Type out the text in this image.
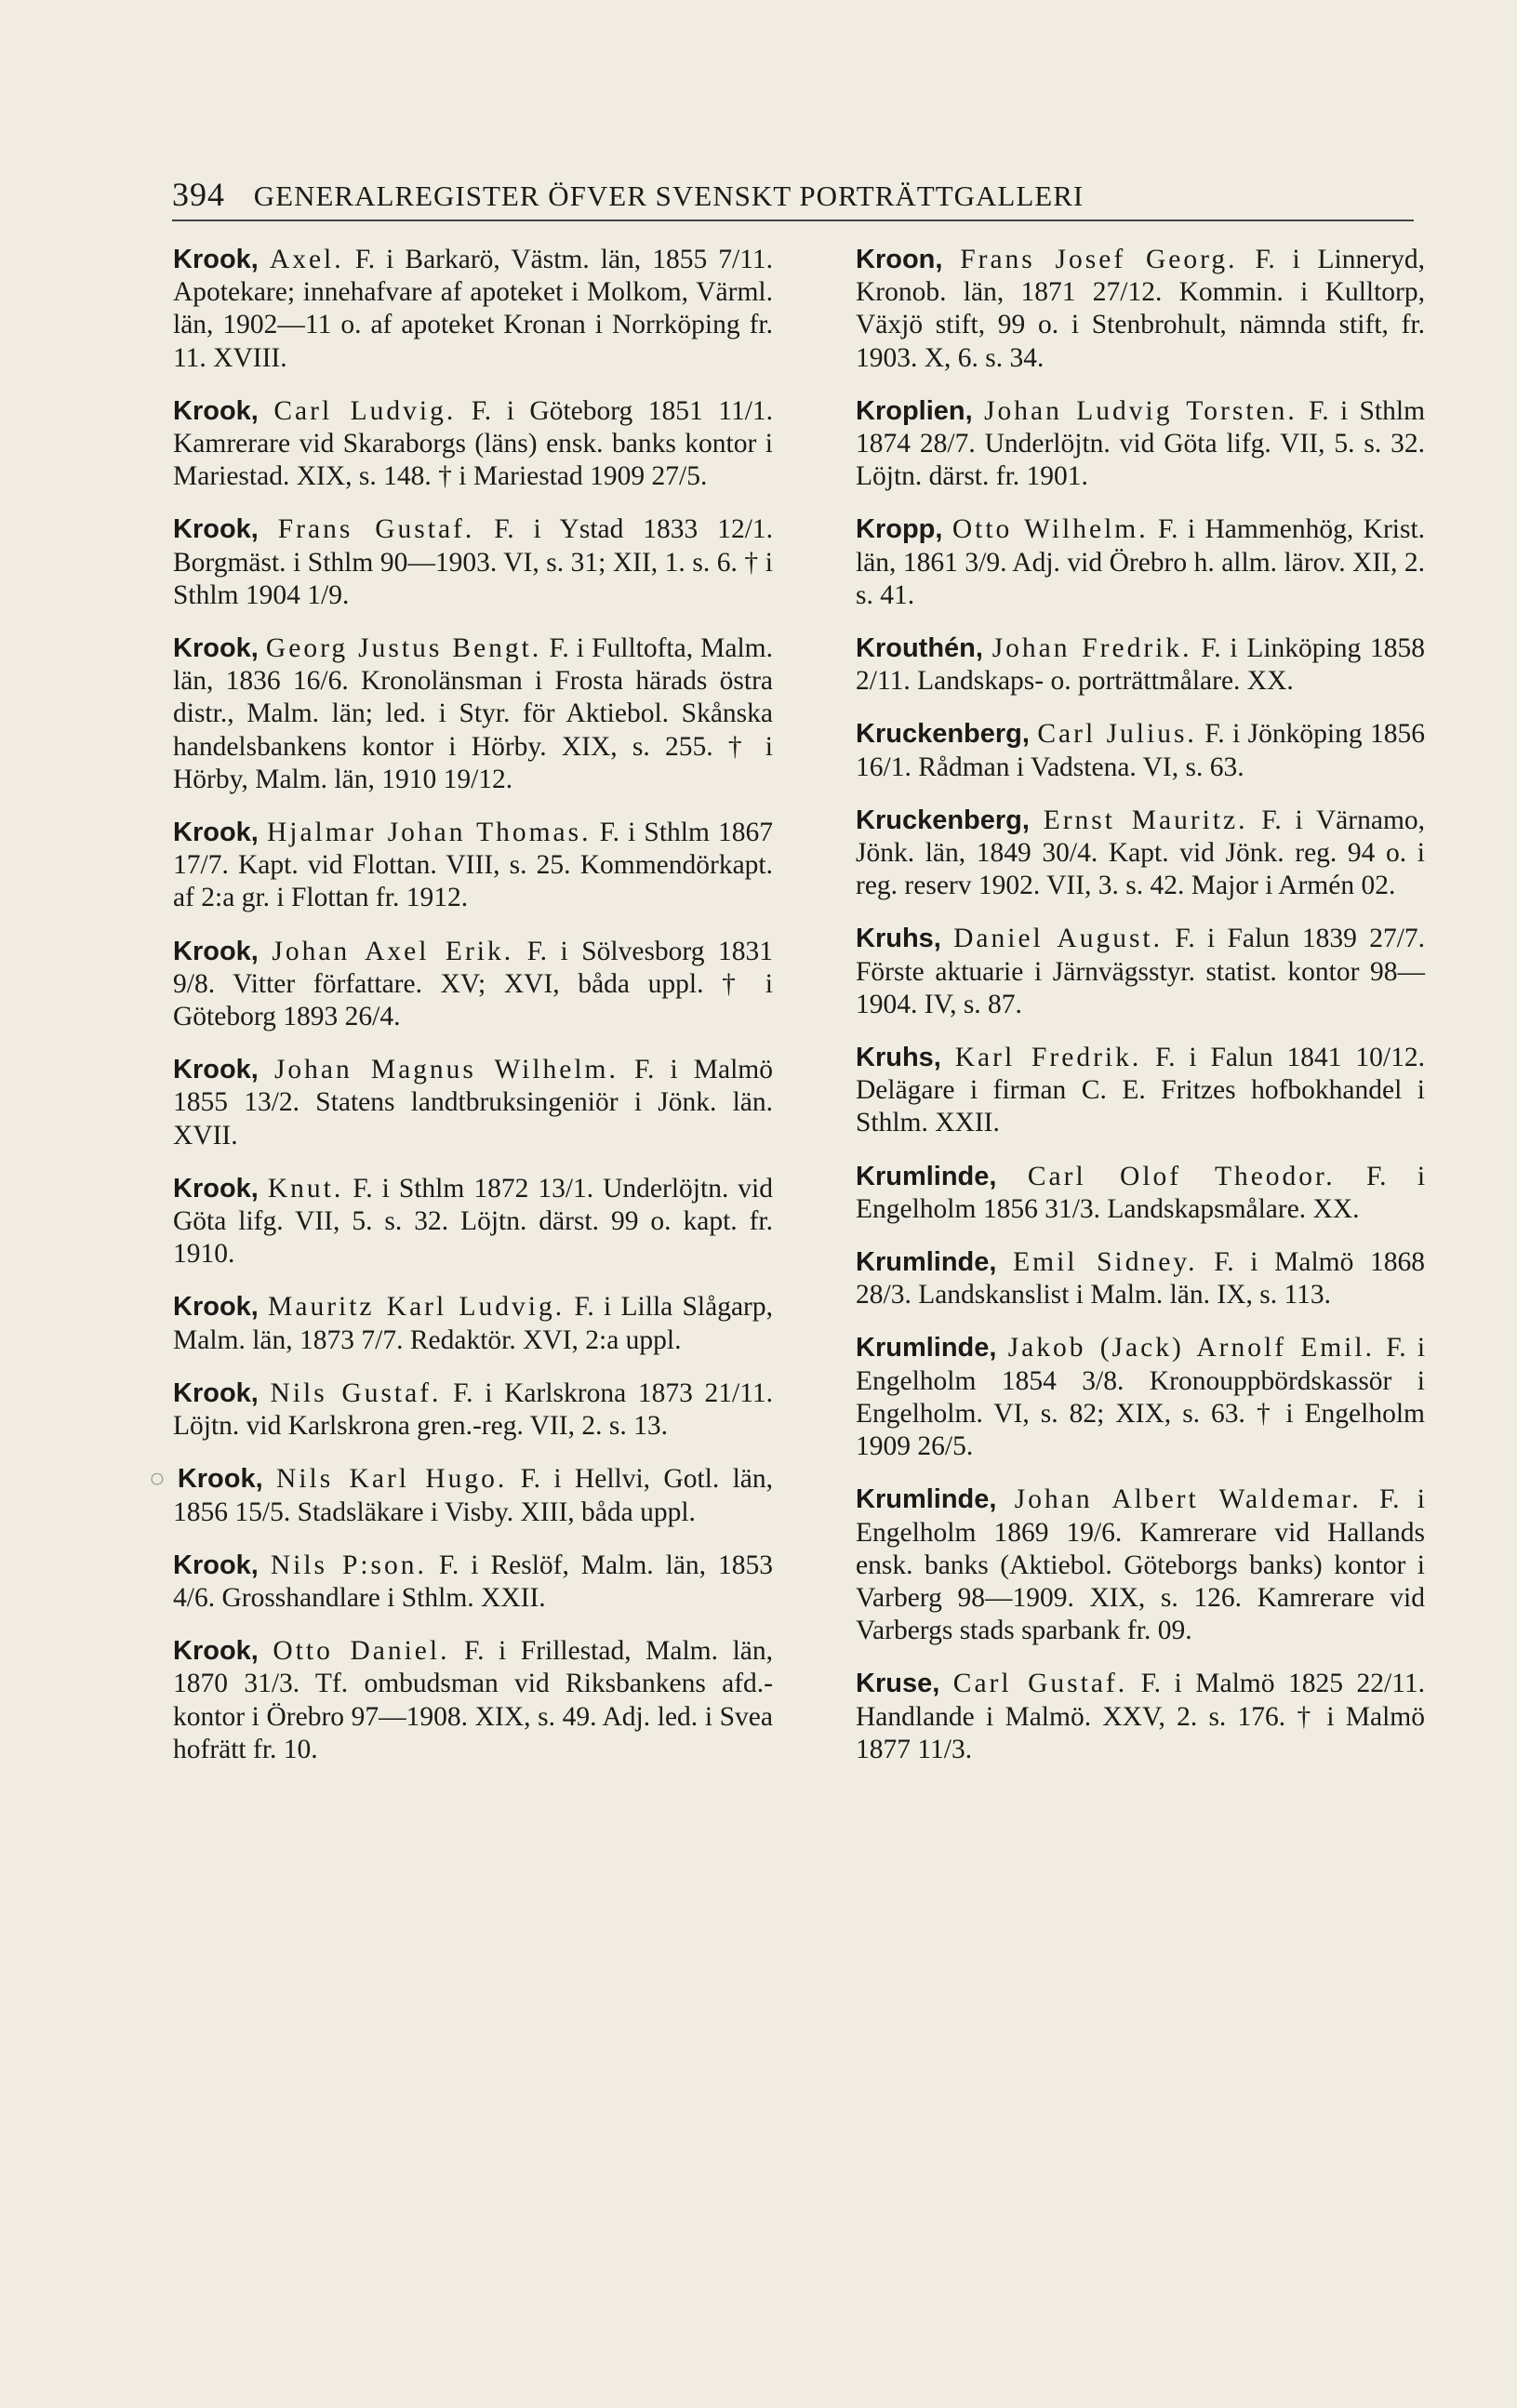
394 GENERALREGISTER ÖFVER SVENSKT PORTRÄTTGALLERI

Krook, Axel. F. i Barkarö, Västm. län, 1855 7/11. Apotekare; innehafvare af apoteket i Molkom, Värml. län, 1902—11 o. af apoteket Kronan i Norrköping fr. 11. XVIII.

Krook, Carl Ludvig. F. i Göteborg 1851 11/1. Kamrerare vid Skaraborgs (läns) ensk. banks kontor i Mariestad. XIX, s. 148. † i Mariestad 1909 27/5.

Krook, Frans Gustaf. F. i Ystad 1833 12/1. Borgmäst. i Sthlm 90—1903. VI, s. 31; XII, 1. s. 6. † i Sthlm 1904 1/9.

Krook, Georg Justus Bengt. F. i Fulltofta, Malm. län, 1836 16/6. Kronolänsman i Frosta härads östra distr., Malm. län; led. i Styr. för Aktiebol. Skånska handelsbankens kontor i Hörby. XIX, s. 255. † i Hörby, Malm. län, 1910 19/12.

Krook, Hjalmar Johan Thomas. F. i Sthlm 1867 17/7. Kapt. vid Flottan. VIII, s. 25. Kommendörkapt. af 2:a gr. i Flottan fr. 1912.

Krook, Johan Axel Erik. F. i Sölvesborg 1831 9/8. Vitter författare. XV; XVI, båda uppl. † i Göteborg 1893 26/4.

Krook, Johan Magnus Wilhelm. F. i Malmö 1855 13/2. Statens landtbruksingeniör i Jönk. län. XVII.

Krook, Knut. F. i Sthlm 1872 13/1. Underlöjtn. vid Göta lifg. VII, 5. s. 32. Löjtn. därst. 99 o. kapt. fr. 1910.

Krook, Mauritz Karl Ludvig. F. i Lilla Slågarp, Malm. län, 1873 7/7. Redaktör. XVI, 2:a uppl.

Krook, Nils Gustaf. F. i Karlskrona 1873 21/11. Löjtn. vid Karlskrona gren.-reg. VII, 2. s. 13.

○ Krook, Nils Karl Hugo. F. i Hellvi, Gotl. län, 1856 15/5. Stadsläkare i Visby. XIII, båda uppl.

Krook, Nils P:son. F. i Reslöf, Malm. län, 1853 4/6. Grosshandlare i Sthlm. XXII.

Krook, Otto Daniel. F. i Frillestad, Malm. län, 1870 31/3. Tf. ombudsman vid Riksbankens afd.-kontor i Örebro 97—1908. XIX, s. 49. Adj. led. i Svea hofrätt fr. 10.

Kroon, Frans Josef Georg. F. i Linneryd, Kronob. län, 1871 27/12. Kommin. i Kulltorp, Växjö stift, 99 o. i Stenbrohult, nämnda stift, fr. 1903. X, 6. s. 34.

Kroplien, Johan Ludvig Torsten. F. i Sthlm 1874 28/7. Underlöjtn. vid Göta lifg. VII, 5. s. 32. Löjtn. därst. fr. 1901.

Kropp, Otto Wilhelm. F. i Hammenhög, Krist. län, 1861 3/9. Adj. vid Örebro h. allm. lärov. XII, 2. s. 41.

Krouthén, Johan Fredrik. F. i Linköping 1858 2/11. Landskaps- o. porträttmålare. XX.

Kruckenberg, Carl Julius. F. i Jönköping 1856 16/1. Rådman i Vadstena. VI, s. 63.

Kruckenberg, Ernst Mauritz. F. i Värnamo, Jönk. län, 1849 30/4. Kapt. vid Jönk. reg. 94 o. i reg. reserv 1902. VII, 3. s. 42. Major i Armén 02.

Kruhs, Daniel August. F. i Falun 1839 27/7. Förste aktuarie i Järnvägsstyr. statist. kontor 98—1904. IV, s. 87.

Kruhs, Karl Fredrik. F. i Falun 1841 10/12. Delägare i firman C. E. Fritzes hofbokhandel i Sthlm. XXII.

Krumlinde, Carl Olof Theodor. F. i Engelholm 1856 31/3. Landskapsmålare. XX.

Krumlinde, Emil Sidney. F. i Malmö 1868 28/3. Landskanslist i Malm. län. IX, s. 113.

Krumlinde, Jakob (Jack) Arnolf Emil. F. i Engelholm 1854 3/8. Kronouppbördskassör i Engelholm. VI, s. 82; XIX, s. 63. † i Engelholm 1909 26/5.

Krumlinde, Johan Albert Waldemar. F. i Engelholm 1869 19/6. Kamrerare vid Hallands ensk. banks (Aktiebol. Göteborgs banks) kontor i Varberg 98—1909. XIX, s. 126. Kamrerare vid Varbergs stads sparbank fr. 09.

Kruse, Carl Gustaf. F. i Malmö 1825 22/11. Handlande i Malmö. XXV, 2. s. 176. † i Malmö 1877 11/3.
